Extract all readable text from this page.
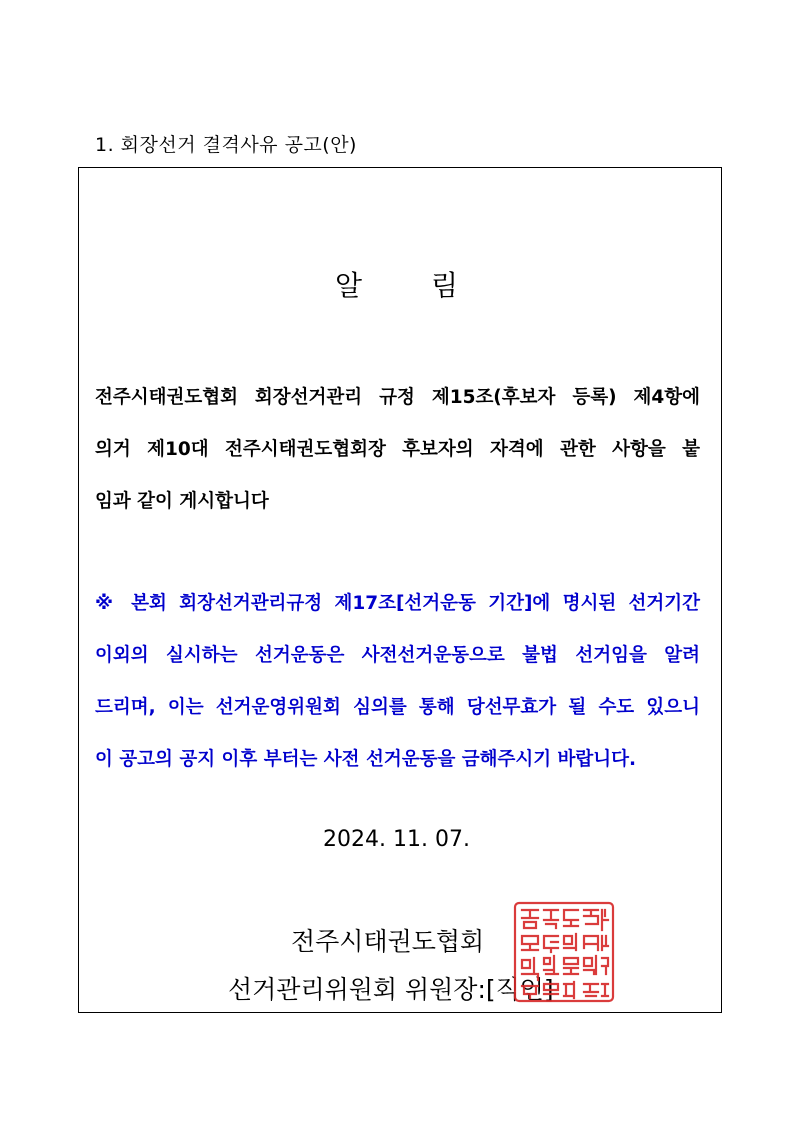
1. 회장선거 결격사유 공고(안)
알 림
전주시태권도협회 회장선거관리 규정 제15조(후보자 등록) 제4항에
의거 제10대 전주시태권도협회장 후보자의 자격에 관한 사항을 붙
임과 같이 게시합니다
※ 본회 회장선거관리규정 제17조[선거운동 기간]에 명시된 선거기간
이외의 실시하는 선거운동은 사전선거운동으로 불법 선거임을 알려
드리며, 이는 선거운영위원회 심의를 통해 당선무효가 될 수도 있으니
이 공고의 공지 이후 부터는 사전 선거운동을 금해주시기 바랍니다.
2024. 11. 07.
전주시태권도협회
선거관리위원회 위원장:[직인]
